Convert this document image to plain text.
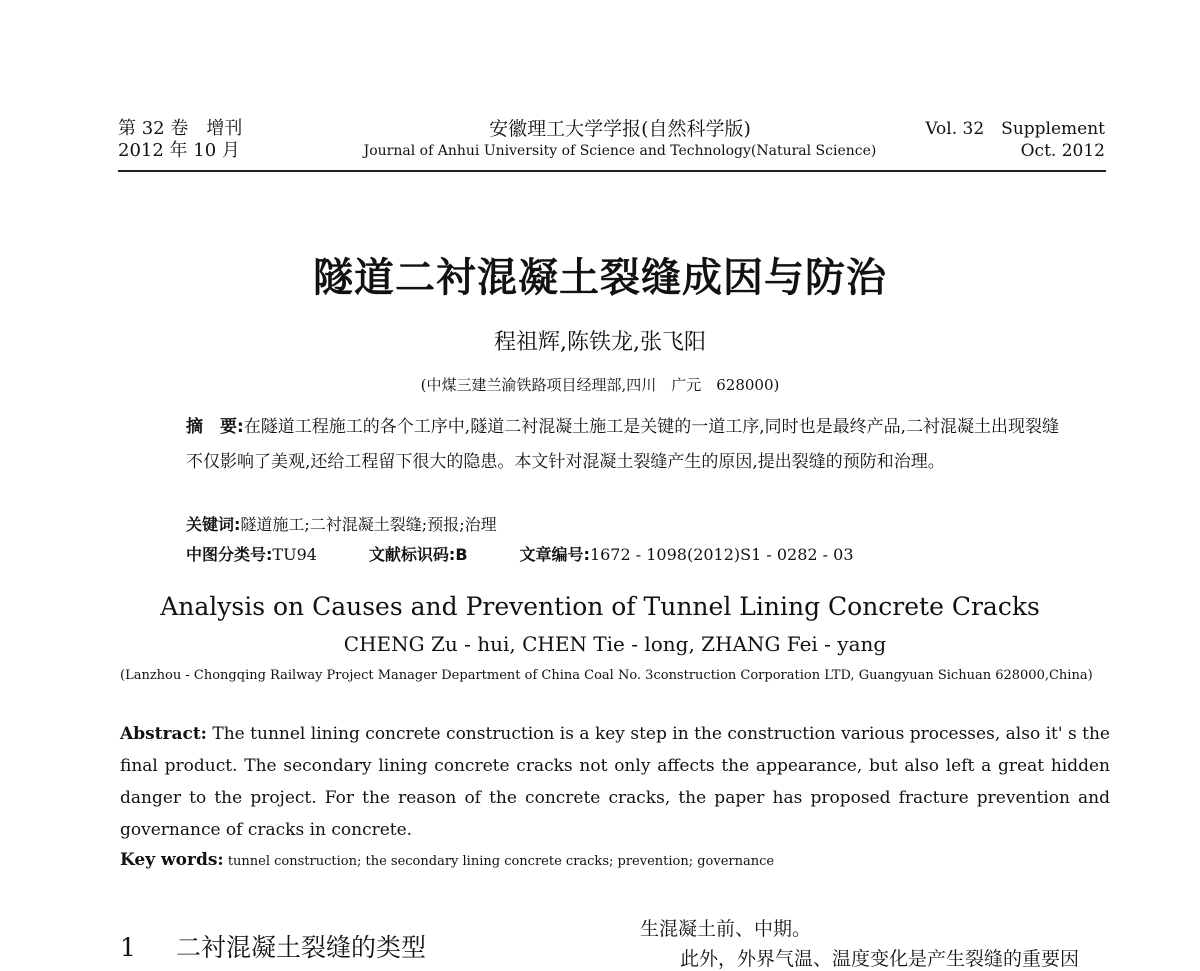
第 32 卷　增刊
2012 年 10 月
安徽理工大学学报(自然科学版)
Journal of Anhui University of Science and Technology(Natural Science)
Vol. 32　Supplement
Oct. 2012
隧道二衬混凝土裂缝成因与防治
程祖辉,陈铁龙,张飞阳
(中煤三建兰渝铁路项目经理部,四川　广元　628000)
摘　要:在隧道工程施工的各个工序中,隧道二衬混凝土施工是关键的一道工序,同时也是最终产品,二衬混凝土出现裂缝不仅影响了美观,还给工程留下很大的隐患。本文针对混凝土裂缝产生的原因,提出裂缝的预防和治理。
关键词:隧道施工;二衬混凝土裂缝;预报;治理
中图分类号:TU94	文献标识码:B	文章编号:1672 - 1098(2012)S1 - 0282 - 03
Analysis on Causes and Prevention of Tunnel Lining Concrete Cracks
CHENG Zu - hui, CHEN Tie - long, ZHANG Fei - yang
(Lanzhou - Chongqing Railway Project Manager Department of China Coal No. 3construction Corporation LTD, Guangyuan Sichuan 628000,China)
Abstract: The tunnel lining concrete construction is a key step in the construction various processes, also it' s the final product. The secondary lining concrete cracks not only affects the appearance, but also left a great hidden danger to the project. For the reason of the concrete cracks, the paper has proposed fracture prevention and governance of cracks in concrete.
Key words: tunnel construction; the secondary lining concrete cracks; prevention; governance
1 二衬混凝土裂缝的类型
生混凝土前、中期。
此外，外界气温、温度变化是产生裂缝的重要因
